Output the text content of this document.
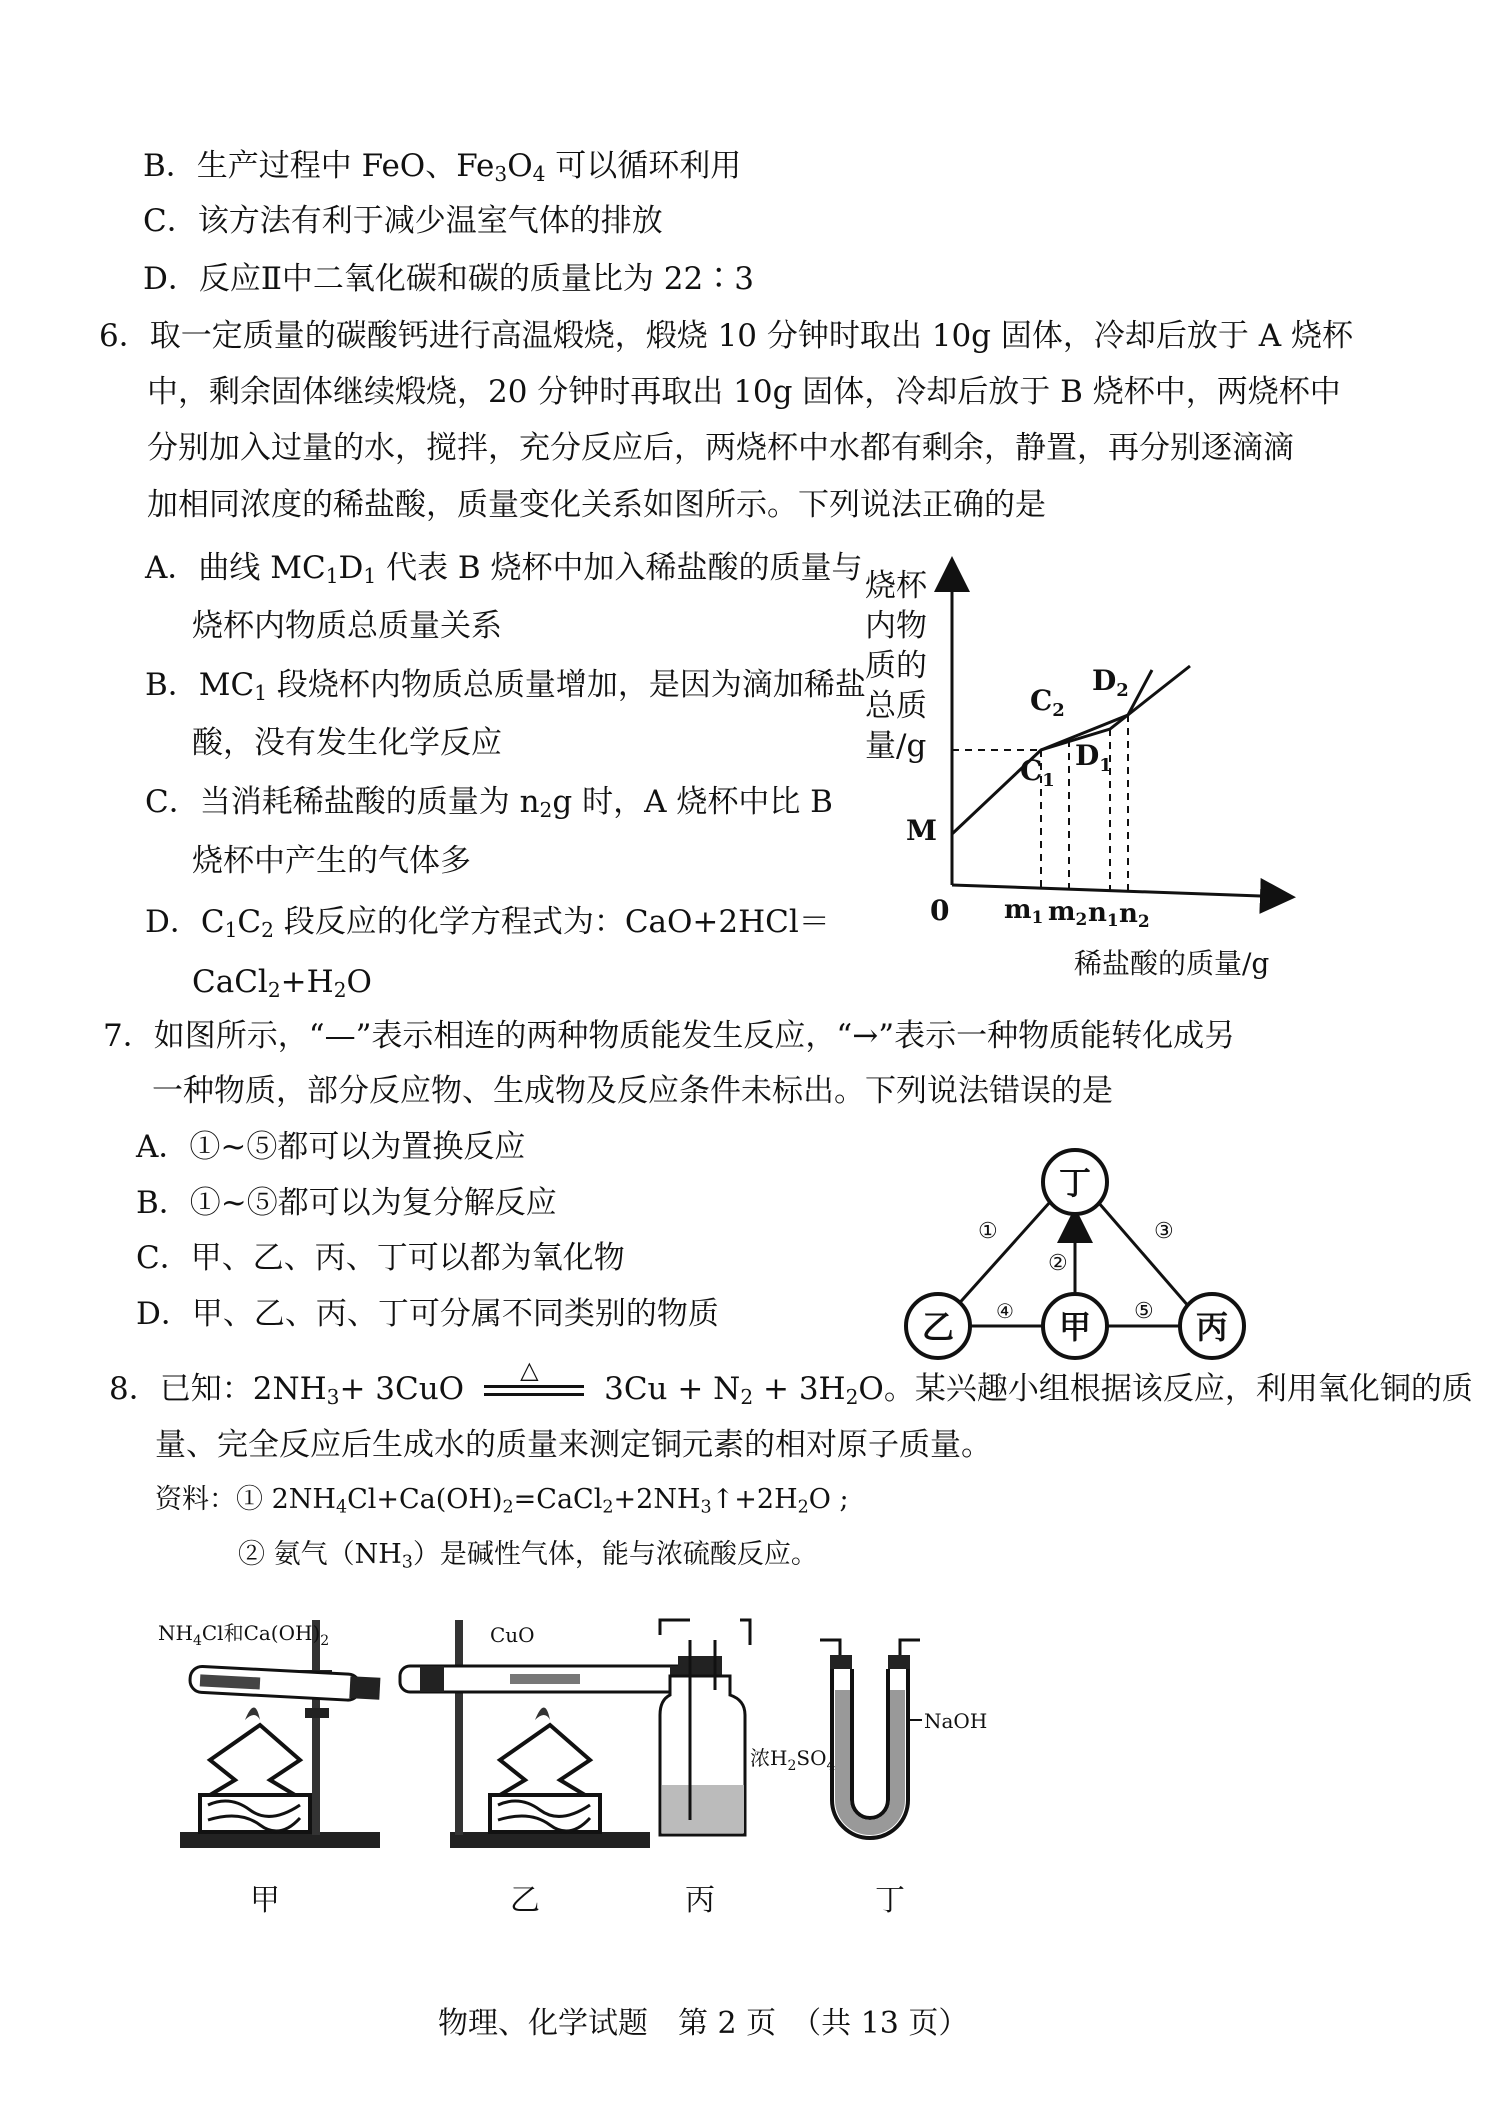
B．生产过程中 FeO、$Fe_3O_4$ 可以循环利用
C．该方法有利于减少温室气体的排放
D．反应Ⅱ中二氧化碳和碳的质量比为 22∶3
6．取一定质量的碳酸钙进行高温煅烧，煅烧 10 分钟时取出 10g 固体，冷却后放于 A 烧杯
中，剩余固体继续煅烧，20 分钟时再取出 10g 固体，冷却后放于 B 烧杯中，两烧杯中
分别加入过量的水，搅拌，充分反应后，两烧杯中水都有剩余，静置，再分别逐滴滴
加相同浓度的稀盐酸，质量变化关系如图所示。下列说法正确的是
A．曲线 $MC_1D_1$ 代表 B 烧杯中加入稀盐酸的质量与
烧杯内物质总质量关系
B．$MC_1$ 段烧杯内物质总质量增加，是因为滴加稀盐
酸，没有发生化学反应
C．当消耗稀盐酸的质量为 $n_2g$ 时，A 烧杯中比 B
烧杯中产生的气体多
D．$C_1C_2$ 段反应的化学方程式为：CaO+2HCl＝
$CaCl_2+H_2O$
烧杯
内物
质的
总质
量/g
M
0
$C_1$
$C_2$
$D_1$
$D_2$
m1 m2 n1 n2
稀盐酸的质量/g
7．如图所示，“—”表示相连的两种物质能发生反应，“→”表示一种物质能转化成另
一种物质，部分反应物、生成物及反应条件未标出。下列说法错误的是
A．①~⑤都可以为置换反应
B．①~⑤都可以为复分解反应
C．甲、乙、丙、丁可以都为氧化物
D．甲、乙、丙、丁可分属不同类别的物质
丁
乙	甲	丙
①
②
③
④	⑤
8．已知：$2NH_3+ 3CuO$
△
$3Cu + N_2 + 3H_2O$。某兴趣小组根据该反应，利用氧化铜的质
量、完全反应后生成水的质量来测定铜元素的相对原子质量。
资料：① $2NH_4Cl+Ca(OH)_2=CaCl_2+2NH_3↑+2H_2O$ ;
② 氨气$(NH_3)$是碱性气体，能与浓硫酸反应。
$NH_4Cl$和$Ca(OH)_2$
甲
CuO
乙
浓$H_2SO_4$
丙
NaOH
丁
物理、化学试题　第 2 页　（共 13 页）
